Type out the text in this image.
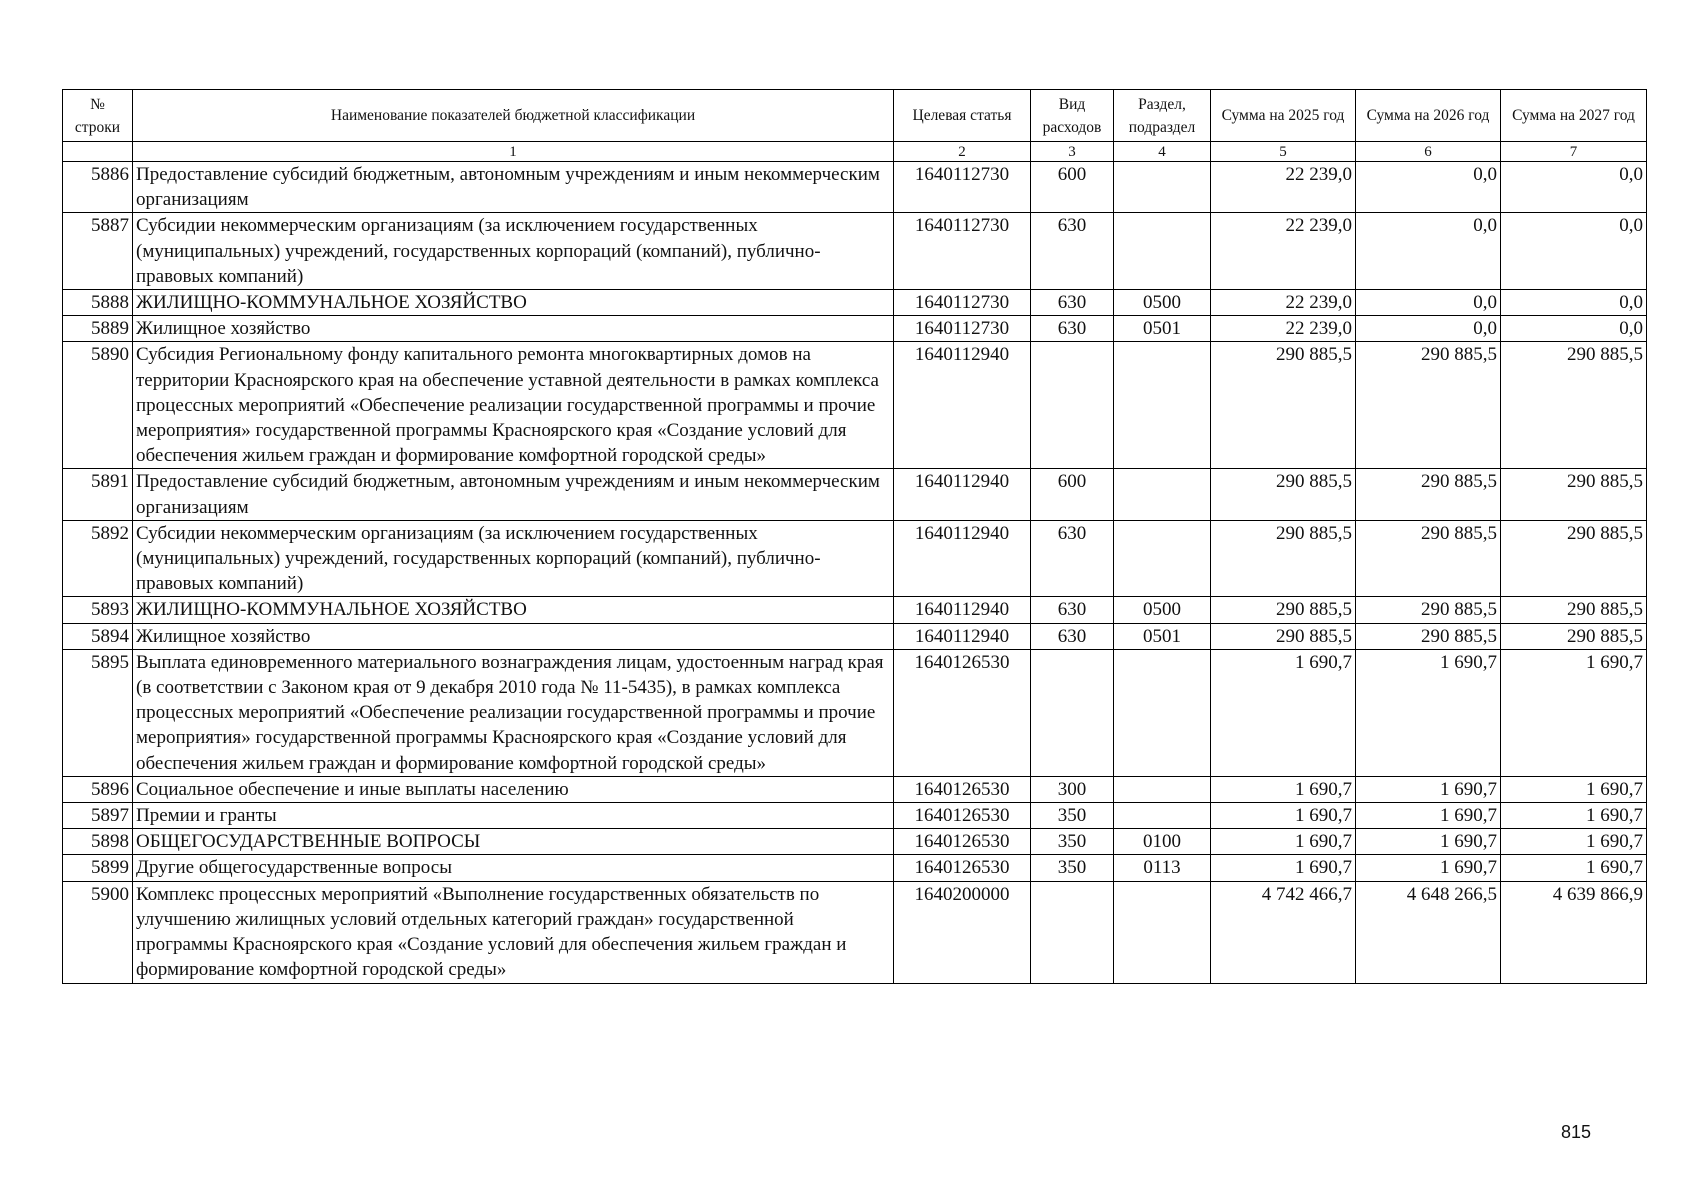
№ строки	Наименование показателей бюджетной классификации	Целевая статья	Вид расходов	Раздел, подраздел	Сумма на 2025 год	Сумма на 2026 год	Сумма на 2027 год
	1	2	3	4	5	6	7
5886	Предоставление субсидий бюджетным, автономным учреждениям и иным некоммерческим организациям	1640112730	600		22 239,0	0,0	0,0
5887	Субсидии некоммерческим организациям (за исключением государственных (муниципальных) учреждений, государственных корпораций (компаний), публично-правовых компаний)	1640112730	630		22 239,0	0,0	0,0
5888	ЖИЛИЩНО-КОММУНАЛЬНОЕ ХОЗЯЙСТВО	1640112730	630	0500	22 239,0	0,0	0,0
5889	Жилищное хозяйство	1640112730	630	0501	22 239,0	0,0	0,0
5890	Субсидия Региональному фонду капитального ремонта многоквартирных домов на территории Красноярского края на обеспечение уставной деятельности в рамках комплекса процессных мероприятий «Обеспечение реализации государственной программы и прочие мероприятия» государственной программы Красноярского края «Создание условий для обеспечения жильем граждан и формирование комфортной городской среды»	1640112940			290 885,5	290 885,5	290 885,5
5891	Предоставление субсидий бюджетным, автономным учреждениям и иным некоммерческим организациям	1640112940	600		290 885,5	290 885,5	290 885,5
5892	Субсидии некоммерческим организациям (за исключением государственных (муниципальных) учреждений, государственных корпораций (компаний), публично-правовых компаний)	1640112940	630		290 885,5	290 885,5	290 885,5
5893	ЖИЛИЩНО-КОММУНАЛЬНОЕ ХОЗЯЙСТВО	1640112940	630	0500	290 885,5	290 885,5	290 885,5
5894	Жилищное хозяйство	1640112940	630	0501	290 885,5	290 885,5	290 885,5
5895	Выплата единовременного материального вознаграждения лицам, удостоенным наград края (в соответствии с Законом края от 9 декабря 2010 года № 11-5435), в рамках комплекса процессных мероприятий «Обеспечение реализации государственной программы и прочие мероприятия» государственной программы Красноярского края «Создание условий для обеспечения жильем граждан и формирование комфортной городской среды»	1640126530			1 690,7	1 690,7	1 690,7
5896	Социальное обеспечение и иные выплаты населению	1640126530	300		1 690,7	1 690,7	1 690,7
5897	Премии и гранты	1640126530	350		1 690,7	1 690,7	1 690,7
5898	ОБЩЕГОСУДАРСТВЕННЫЕ ВОПРОСЫ	1640126530	350	0100	1 690,7	1 690,7	1 690,7
5899	Другие общегосударственные вопросы	1640126530	350	0113	1 690,7	1 690,7	1 690,7
5900	Комплекс процессных мероприятий «Выполнение государственных обязательств по улучшению жилищных условий отдельных категорий граждан» государственной программы Красноярского края «Создание условий для обеспечения жильем граждан и формирование комфортной городской среды»	1640200000			4 742 466,7	4 648 266,5	4 639 866,9
815
